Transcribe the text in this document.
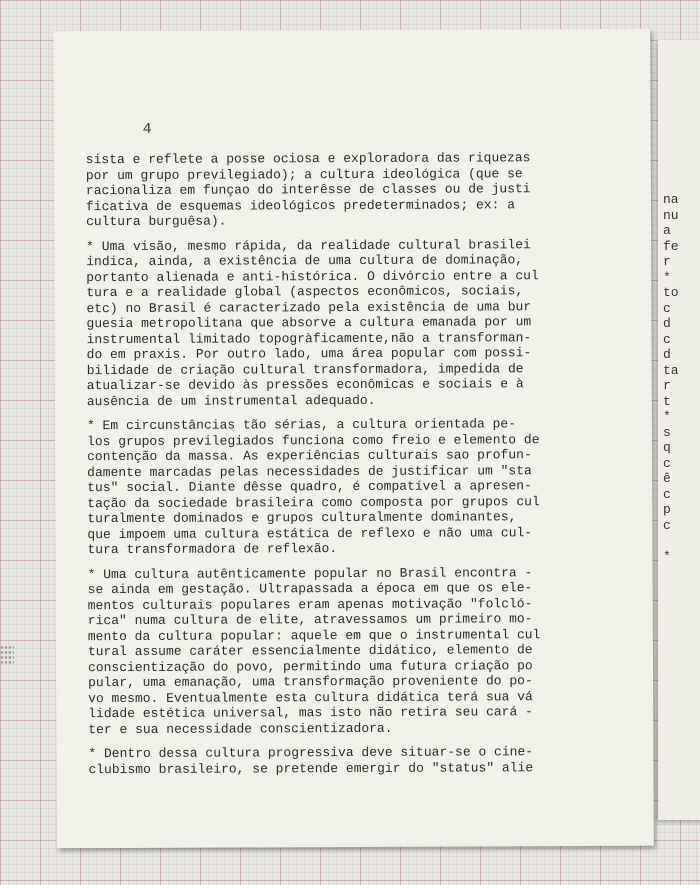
na
nu
a
fe
r
*
to
c
d
c
d
ta
r
t
*
s
q
c
ê
c
p
c
*
4
sista e reflete a posse ociosa e exploradora das riquezas
por um grupo previlegiado); a cultura ideológica (que se
racionaliza em funçao do interêsse de classes ou de justi
ficativa de esquemas ideológicos predeterminados; ex: a
cultura burguêsa).
* Uma visão, mesmo rápida, da realidade cultural brasilei
indica, ainda, a existência de uma cultura de dominação,
portanto alienada e anti-histórica. O divórcio entre a cul
tura e a realidade global (aspectos econômicos, sociais,
etc) no Brasil é caracterizado pela existência de uma bur
guesia metropolitana que absorve a cultura emanada por um
instrumental limitado topogràficamente,não a transforman-
do em praxis. Por outro lado, uma área popular com possi-
bilidade de criação cultural transformadora, impedida de
atualizar-se devido às pressões econômicas e sociais e à
ausência de um instrumental adequado.
* Em circunstâncias tão sérias, a cultura orientada pe-
los grupos previlegiados funciona como freio e elemento de
contenção da massa. As experiências culturais sao profun-
damente marcadas pelas necessidades de justificar um "sta
tus" social. Diante dêsse quadro, é compatível a apresen-
tação da sociedade brasileira como composta por grupos cul
turalmente dominados e grupos culturalmente dominantes,
que impoem uma cultura estática de reflexo e não uma cul-
tura transformadora de reflexão.
* Uma cultura autênticamente popular no Brasil encontra -
se ainda em gestação. Ultrapassada a época em que os ele-
mentos culturais populares eram apenas motivação "folcló-
rica" numa cultura de elite, atravessamos um primeiro mo-
mento da cultura popular: aquele em que o instrumental cul
tural assume caráter essencialmente didático, elemento de
conscientização do povo, permitindo uma futura criação po
pular, uma emanação, uma transformação proveniente do po-
vo mesmo. Eventualmente esta cultura didática terá sua vá
lidade estética universal, mas isto não retira seu cará -
ter e sua necessidade conscientizadora.
* Dentro dessa cultura progressiva deve situar-se o cine-
clubismo brasileiro, se pretende emergir do "status" alie
